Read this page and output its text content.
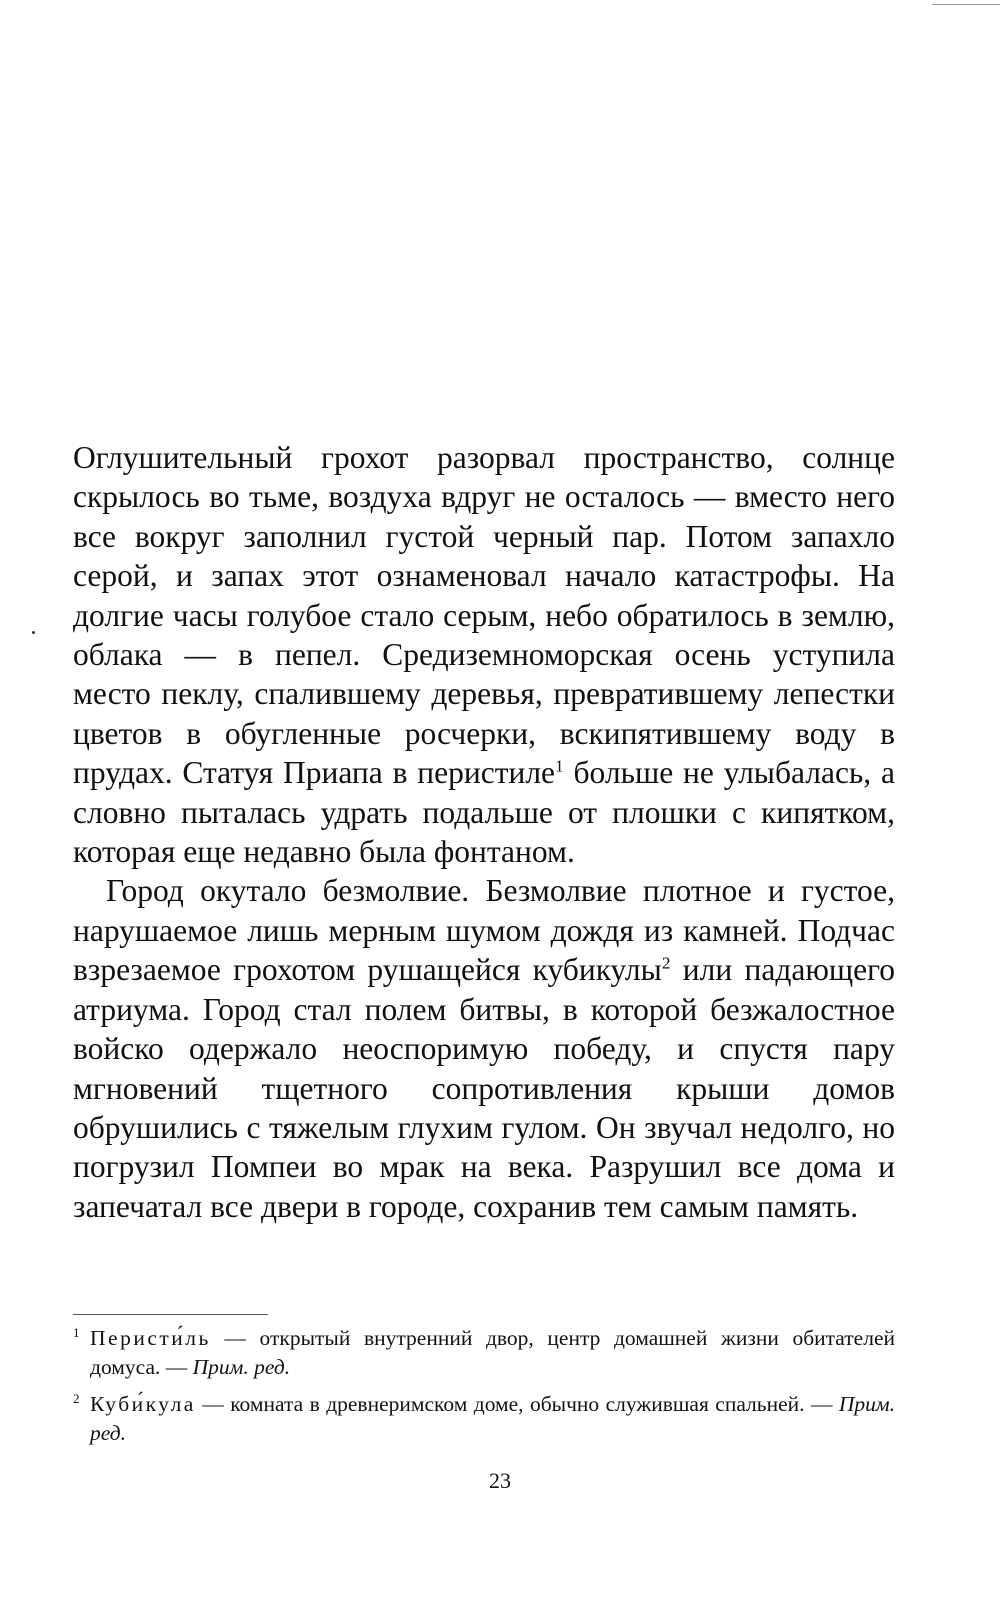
Оглушительный грохот разорвал пространство, солнце скрылось во тьме, воздуха вдруг не осталось — вместо него все вокруг заполнил густой черный пар. Потом запахло серой, и запах этот ознаменовал начало катастрофы. На долгие часы голубое стало серым, небо обратилось в землю, облака — в пепел. Средиземноморская осень уступила место пеклу, спалившему деревья, превратившему лепестки цветов в обугленные росчерки, вскипятившему воду в прудах. Статуя Приапа в перистиле$^1$ больше не улыбалась, а словно пыталась удрать подальше от плошки с кипятком, которая еще недавно была фонтаном.

Город окутало безмолвие. Безмолвие плотное и густое, нарушаемое лишь мерным шумом дождя из камней. Подчас взрезаемое грохотом рушащейся кубикулы$^2$ или падающего атриума. Город стал полем битвы, в которой безжалостное войско одержало неоспоримую победу, и спустя пару мгновений тщетного сопротивления крыши домов обрушились с тяжелым глухим гулом. Он звучал недолго, но погрузил Помпеи во мрак на века. Разрушил все дома и запечатал все двери в городе, сохранив тем самым память.

1 Перисти́ль — открытый внутренний двор, центр домашней жизни обитателей домуса. — Прим. ред.
2 Куби́кула — комната в древнеримском доме, обычно служившая спальней. — Прим. ред.
23
